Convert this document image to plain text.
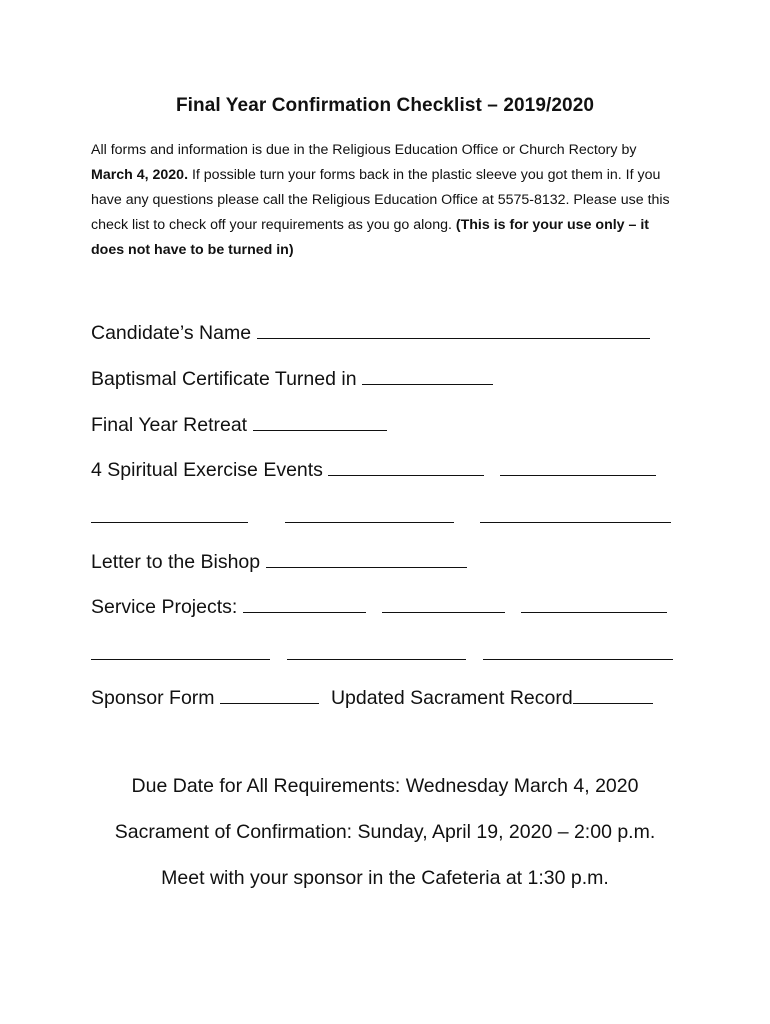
Final Year Confirmation Checklist – 2019/2020
All forms and information is due in the Religious Education Office or Church Rectory by March 4, 2020. If possible turn your forms back in the plastic sleeve you got them in. If you have any questions please call the Religious Education Office at 5575-8132. Please use this check list to check off your requirements as you go along. (This is for your use only – it does not have to be turned in)
Candidate’s Name
Baptismal Certificate Turned in
Final Year Retreat
4 Spiritual Exercise Events
Letter to the Bishop
Service Projects:
Sponsor Form	Updated Sacrament Record
Due Date for All Requirements: Wednesday March 4, 2020
Sacrament of Confirmation: Sunday, April 19, 2020 – 2:00 p.m.
Meet with your sponsor in the Cafeteria at 1:30 p.m.
